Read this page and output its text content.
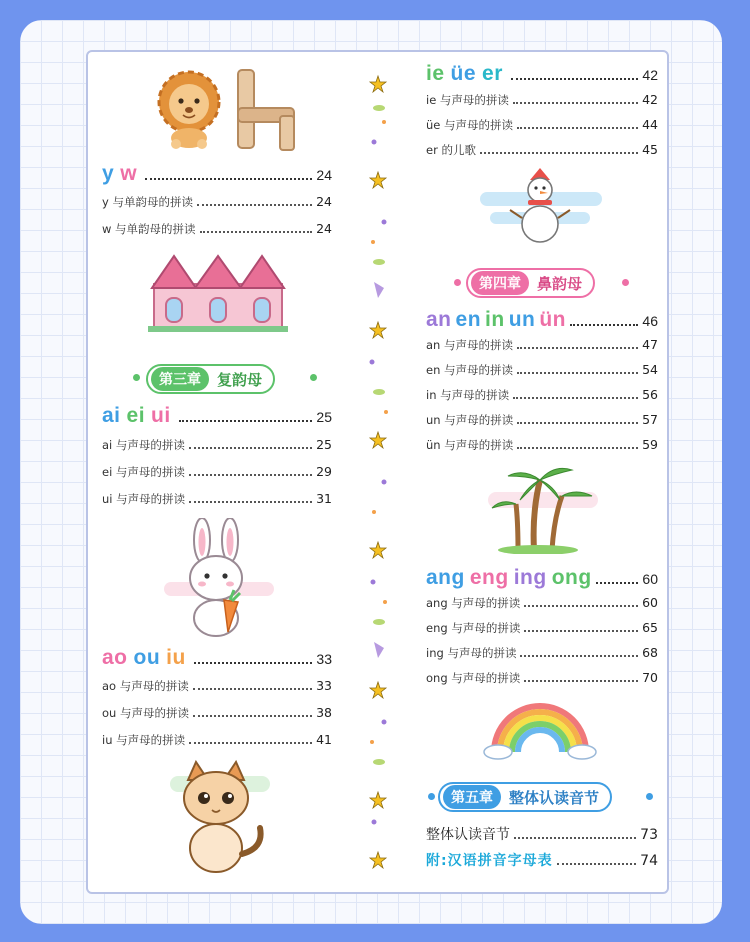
y w	24
y 与单韵母的拼读	24
w 与单韵母的拼读	24
第三章	复韵母
ai ei ui	25
ai 与声母的拼读	25
ei 与声母的拼读	29
ui 与声母的拼读	31
ao ou iu	33
ao 与声母的拼读	33
ou 与声母的拼读	38
iu 与声母的拼读	41
ie üe er	42
ie 与声母的拼读	42
üe 与声母的拼读	44
er 的儿歌	45
第四章	鼻韵母
an en in un ün	46
an 与声母的拼读	47
en 与声母的拼读	54
in 与声母的拼读	56
un 与声母的拼读	57
ün 与声母的拼读	59
ang eng ing ong	60
ang 与声母的拼读	60
eng 与声母的拼读	65
ing 与声母的拼读	68
ong 与声母的拼读	70
第五章	整体认读音节
整体认读音节	73
附:汉语拼音字母表	74
